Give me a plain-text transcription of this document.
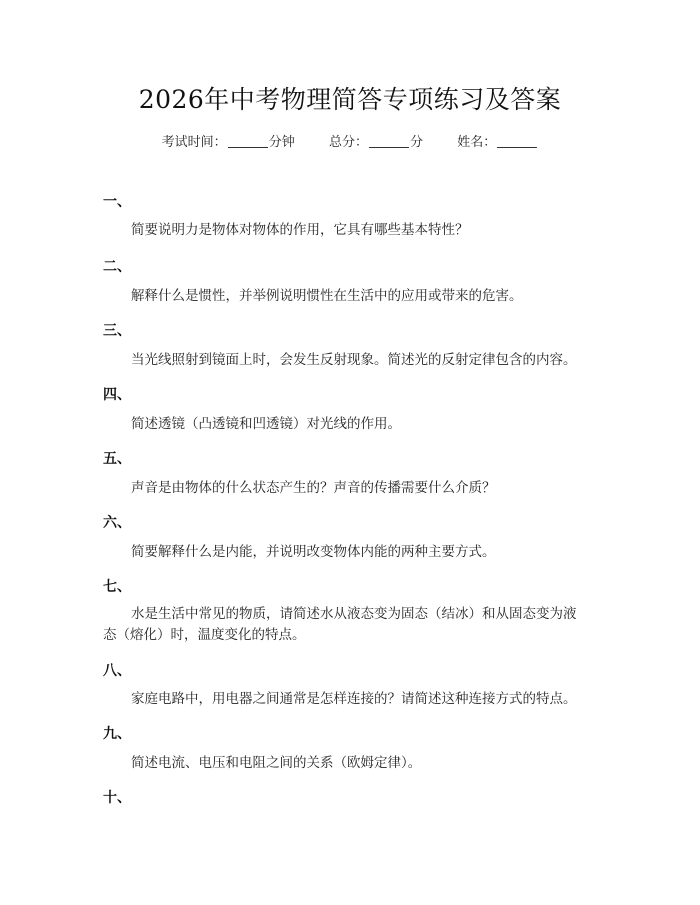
2026年中考物理简答专项练习及答案
考试时间：	分钟	总分：	分	姓名：
一、
简要说明力是物体对物体的作用，它具有哪些基本特性？
二、
解释什么是惯性，并举例说明惯性在生活中的应用或带来的危害。
三、
当光线照射到镜面上时，会发生反射现象。简述光的反射定律包含的内容。
四、
简述透镜（凸透镜和凹透镜）对光线的作用。
五、
声音是由物体的什么状态产生的？声音的传播需要什么介质？
六、
简要解释什么是内能，并说明改变物体内能的两种主要方式。
七、
水是生活中常见的物质，请简述水从液态变为固态（结冰）和从固态变为液态（熔化）时，温度变化的特点。
八、
家庭电路中，用电器之间通常是怎样连接的？请简述这种连接方式的特点。
九、
简述电流、电压和电阻之间的关系（欧姆定律）。
十、
